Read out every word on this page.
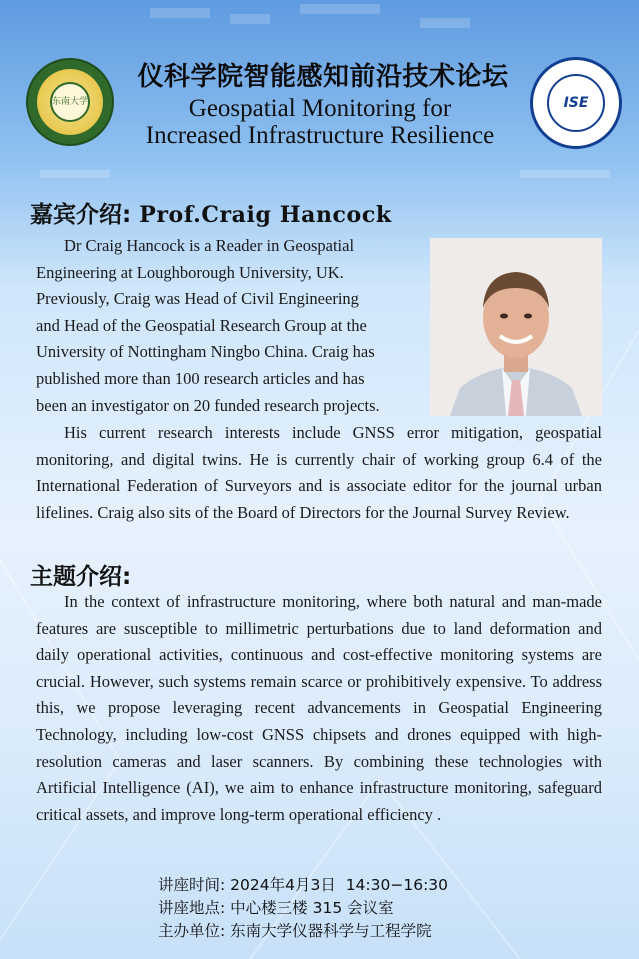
东南大学
仪科学院智能感知前沿技术论坛
Geospatial Monitoring for
Increased Infrastructure Resilience
ISE
嘉宾介绍: Prof.Craig Hancock
Dr Craig Hancock is a Reader in Geospatial
Engineering at Loughborough University, UK.
Previously, Craig was Head of Civil Engineering
and Head of the Geospatial Research Group at the
University of Nottingham Ningbo China. Craig has
published more than 100 research articles and has
been an investigator on 20 funded research projects.
His current research interests include GNSS error mitigation, geospatial monitoring, and digital twins. He is currently chair of working group 6.4 of the International Federation of Surveyors and is associate editor for the journal urban lifelines. Craig also sits of the Board of Directors for the Journal Survey Review.
主题介绍:
In the context of infrastructure monitoring, where both natural and man-made features are susceptible to millimetric perturbations due to land deformation and daily operational activities, continuous and cost-effective monitoring systems are crucial. However, such systems remain scarce or prohibitively expensive. To address this, we propose leveraging recent advancements in Geospatial Engineering Technology, including low-cost GNSS chipsets and drones equipped with high-resolution cameras and laser scanners. By combining these technologies with Artificial Intelligence (AI), we aim to enhance infrastructure monitoring, safeguard critical assets, and improve long-term operational efficiency .
讲座时间: 2024年4月3日  14:30−16:30
讲座地点: 中心楼三楼 315 会议室
主办单位: 东南大学仪器科学与工程学院
